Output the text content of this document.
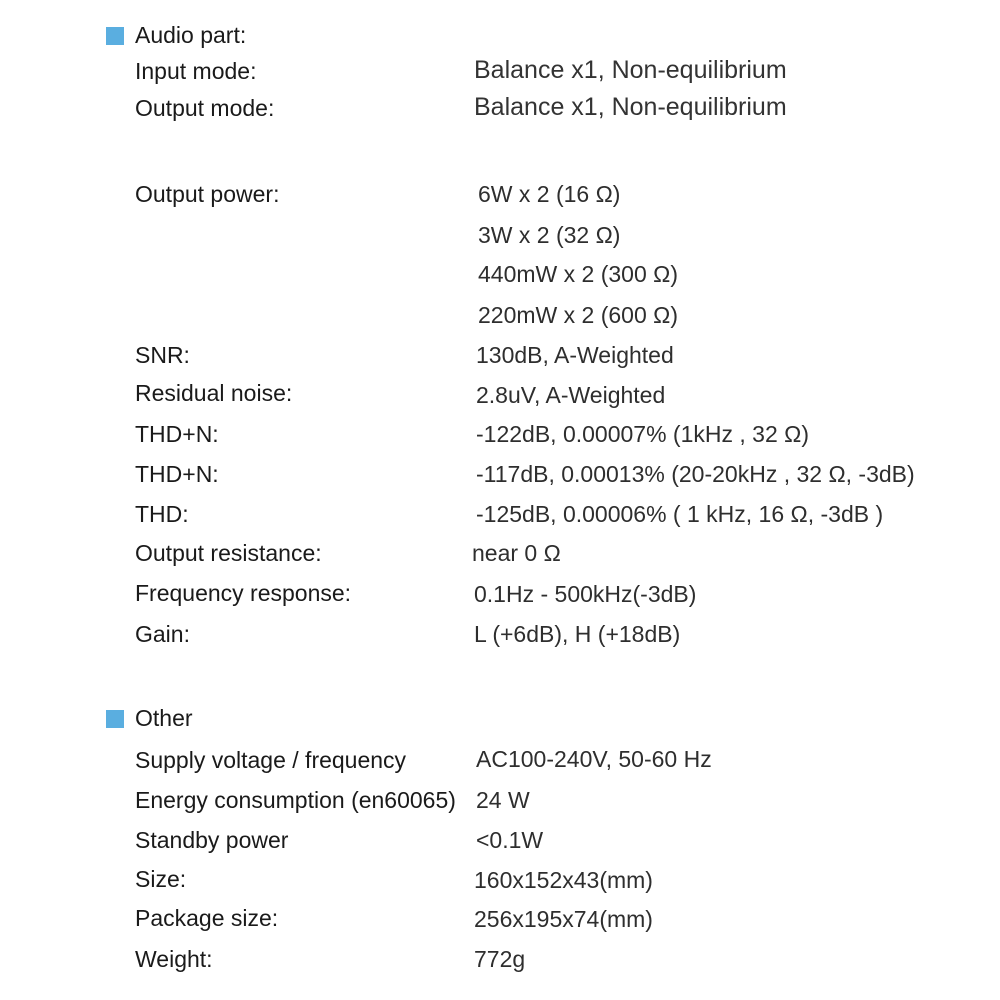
Audio part:
Input mode:	Balance x1, Non-equilibrium
Output mode:	Balance x1, Non-equilibrium
Output power:	6W x 2 (16 Ω)
3W x 2 (32 Ω)
440mW x 2 (300 Ω)
220mW x 2 (600 Ω)
SNR:	130dB, A-Weighted
Residual noise:	2.8uV, A-Weighted
THD+N:	-122dB, 0.00007% (1kHz , 32 Ω)
THD+N:	-117dB, 0.00013% (20-20kHz , 32 Ω, -3dB)
THD:	-125dB, 0.00006% ( 1 kHz, 16 Ω, -3dB )
Output resistance:	near 0 Ω
Frequency response:	0.1Hz - 500kHz(-3dB)
Gain:	L (+6dB), H (+18dB)
Other
Supply voltage / frequency	AC100-240V, 50-60 Hz
Energy consumption (en60065) 24 W
Standby power	<0.1W
Size:	160x152x43(mm)
Package size:	256x195x74(mm)
Weight:	772g
